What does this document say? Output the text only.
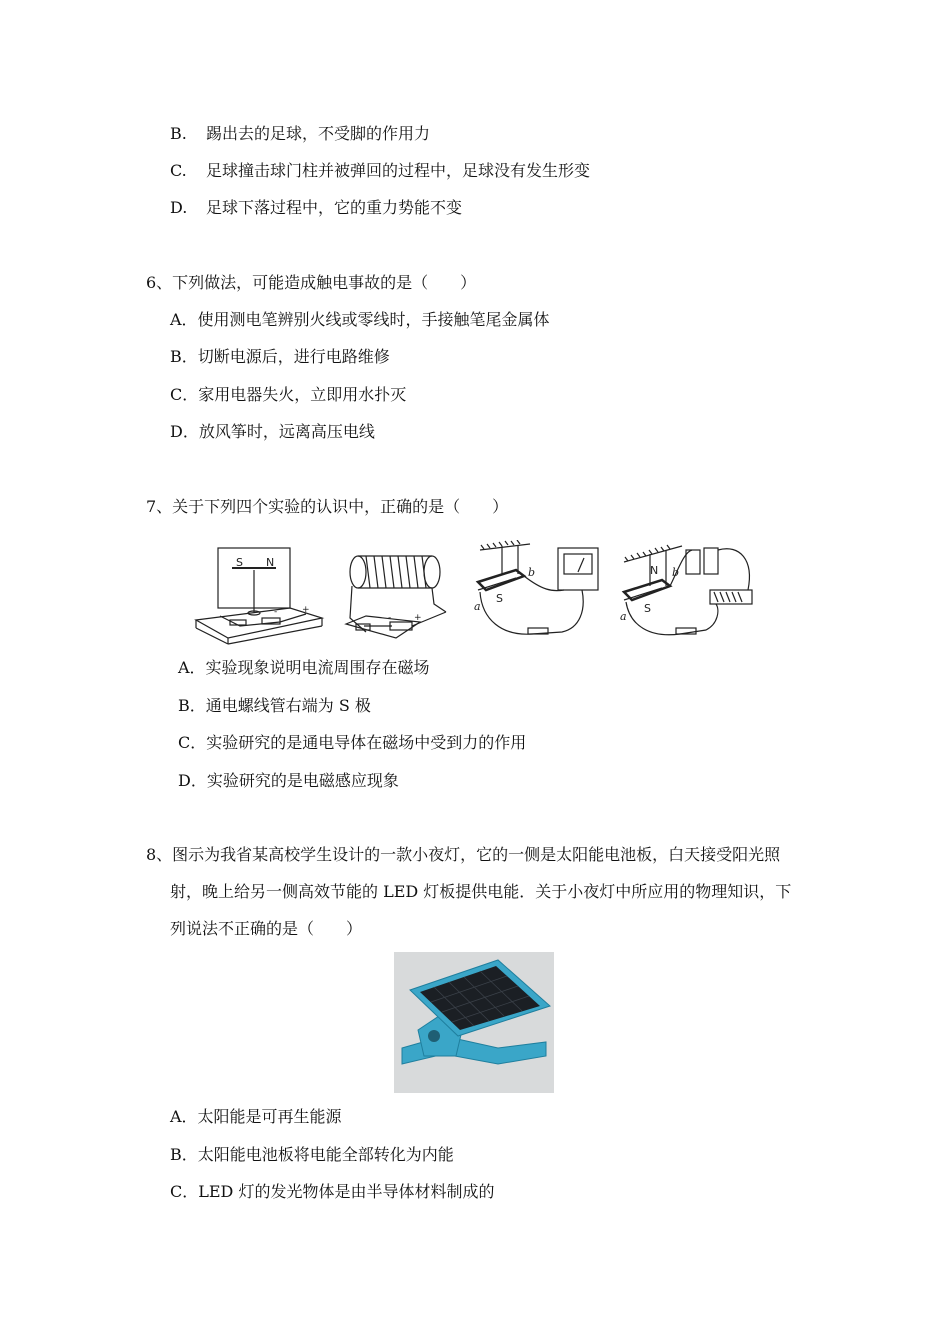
B. 踢出去的足球，不受脚的作用力
C. 足球撞击球门柱并被弹回的过程中，足球没有发生形变
D. 足球下落过程中，它的重力势能不变
6、下列做法，可能造成触电事故的是（　　）
A．使用测电笔辨别火线或零线时，手接触笔尾金属体
B．切断电源后，进行电路维修
C．家用电器失火，立即用水扑灭
D．放风筝时，远离高压电线
7、关于下列四个实验的认识中，正确的是（　　）
S N
-	+
-	+
a
S
b
a
S
N b
A．实验现象说明电流周围存在磁场
B．通电螺线管右端为 S 极
C．实验研究的是通电导体在磁场中受到力的作用
D．实验研究的是电磁感应现象
8、图示为我省某高校学生设计的一款小夜灯，它的一侧是太阳能电池板，白天接受阳光照
射，晚上给另一侧高效节能的 LED 灯板提供电能．关于小夜灯中所应用的物理知识，下
列说法不正确的是（　　）
A．太阳能是可再生能源
B．太阳能电池板将电能全部转化为内能
C．LED 灯的发光物体是由半导体材料制成的
